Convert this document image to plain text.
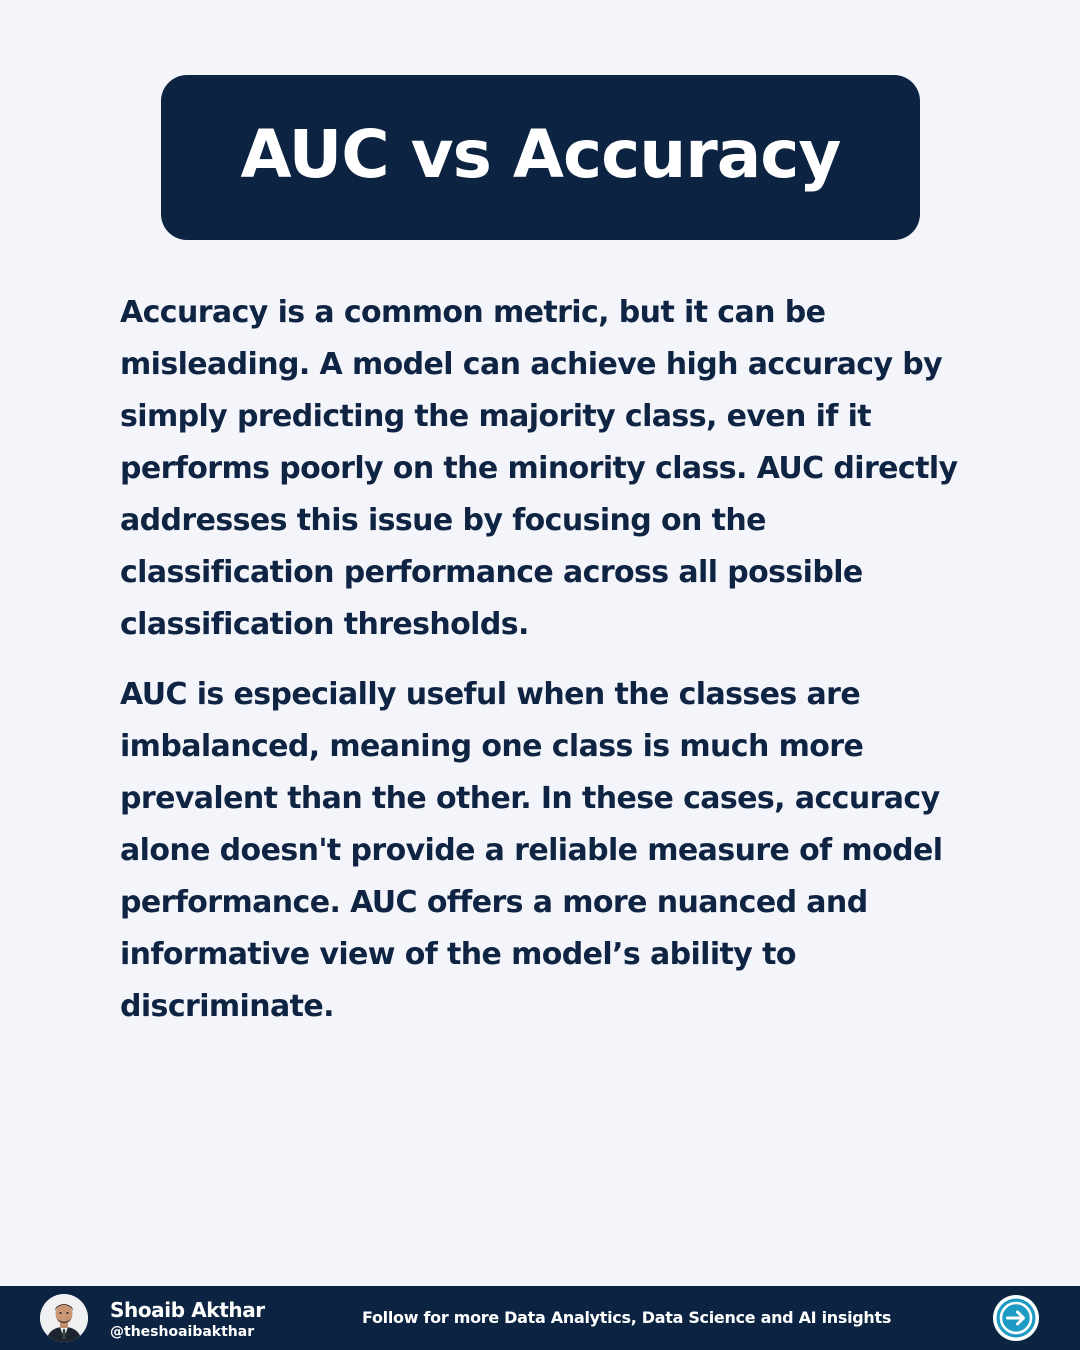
AUC vs Accuracy

Accuracy is a common metric, but it can be misleading. A model can achieve high accuracy by simply predicting the majority class, even if it performs poorly on the minority class. AUC directly addresses this issue by focusing on the classification performance across all possible classification thresholds.

AUC is especially useful when the classes are imbalanced, meaning one class is much more prevalent than the other. In these cases, accuracy alone doesn't provide a reliable measure of model performance. AUC offers a more nuanced and informative view of the model’s ability to discriminate.

Shoaib Akthar
@theshoaibakthar
Follow for more Data Analytics, Data Science and AI insights
